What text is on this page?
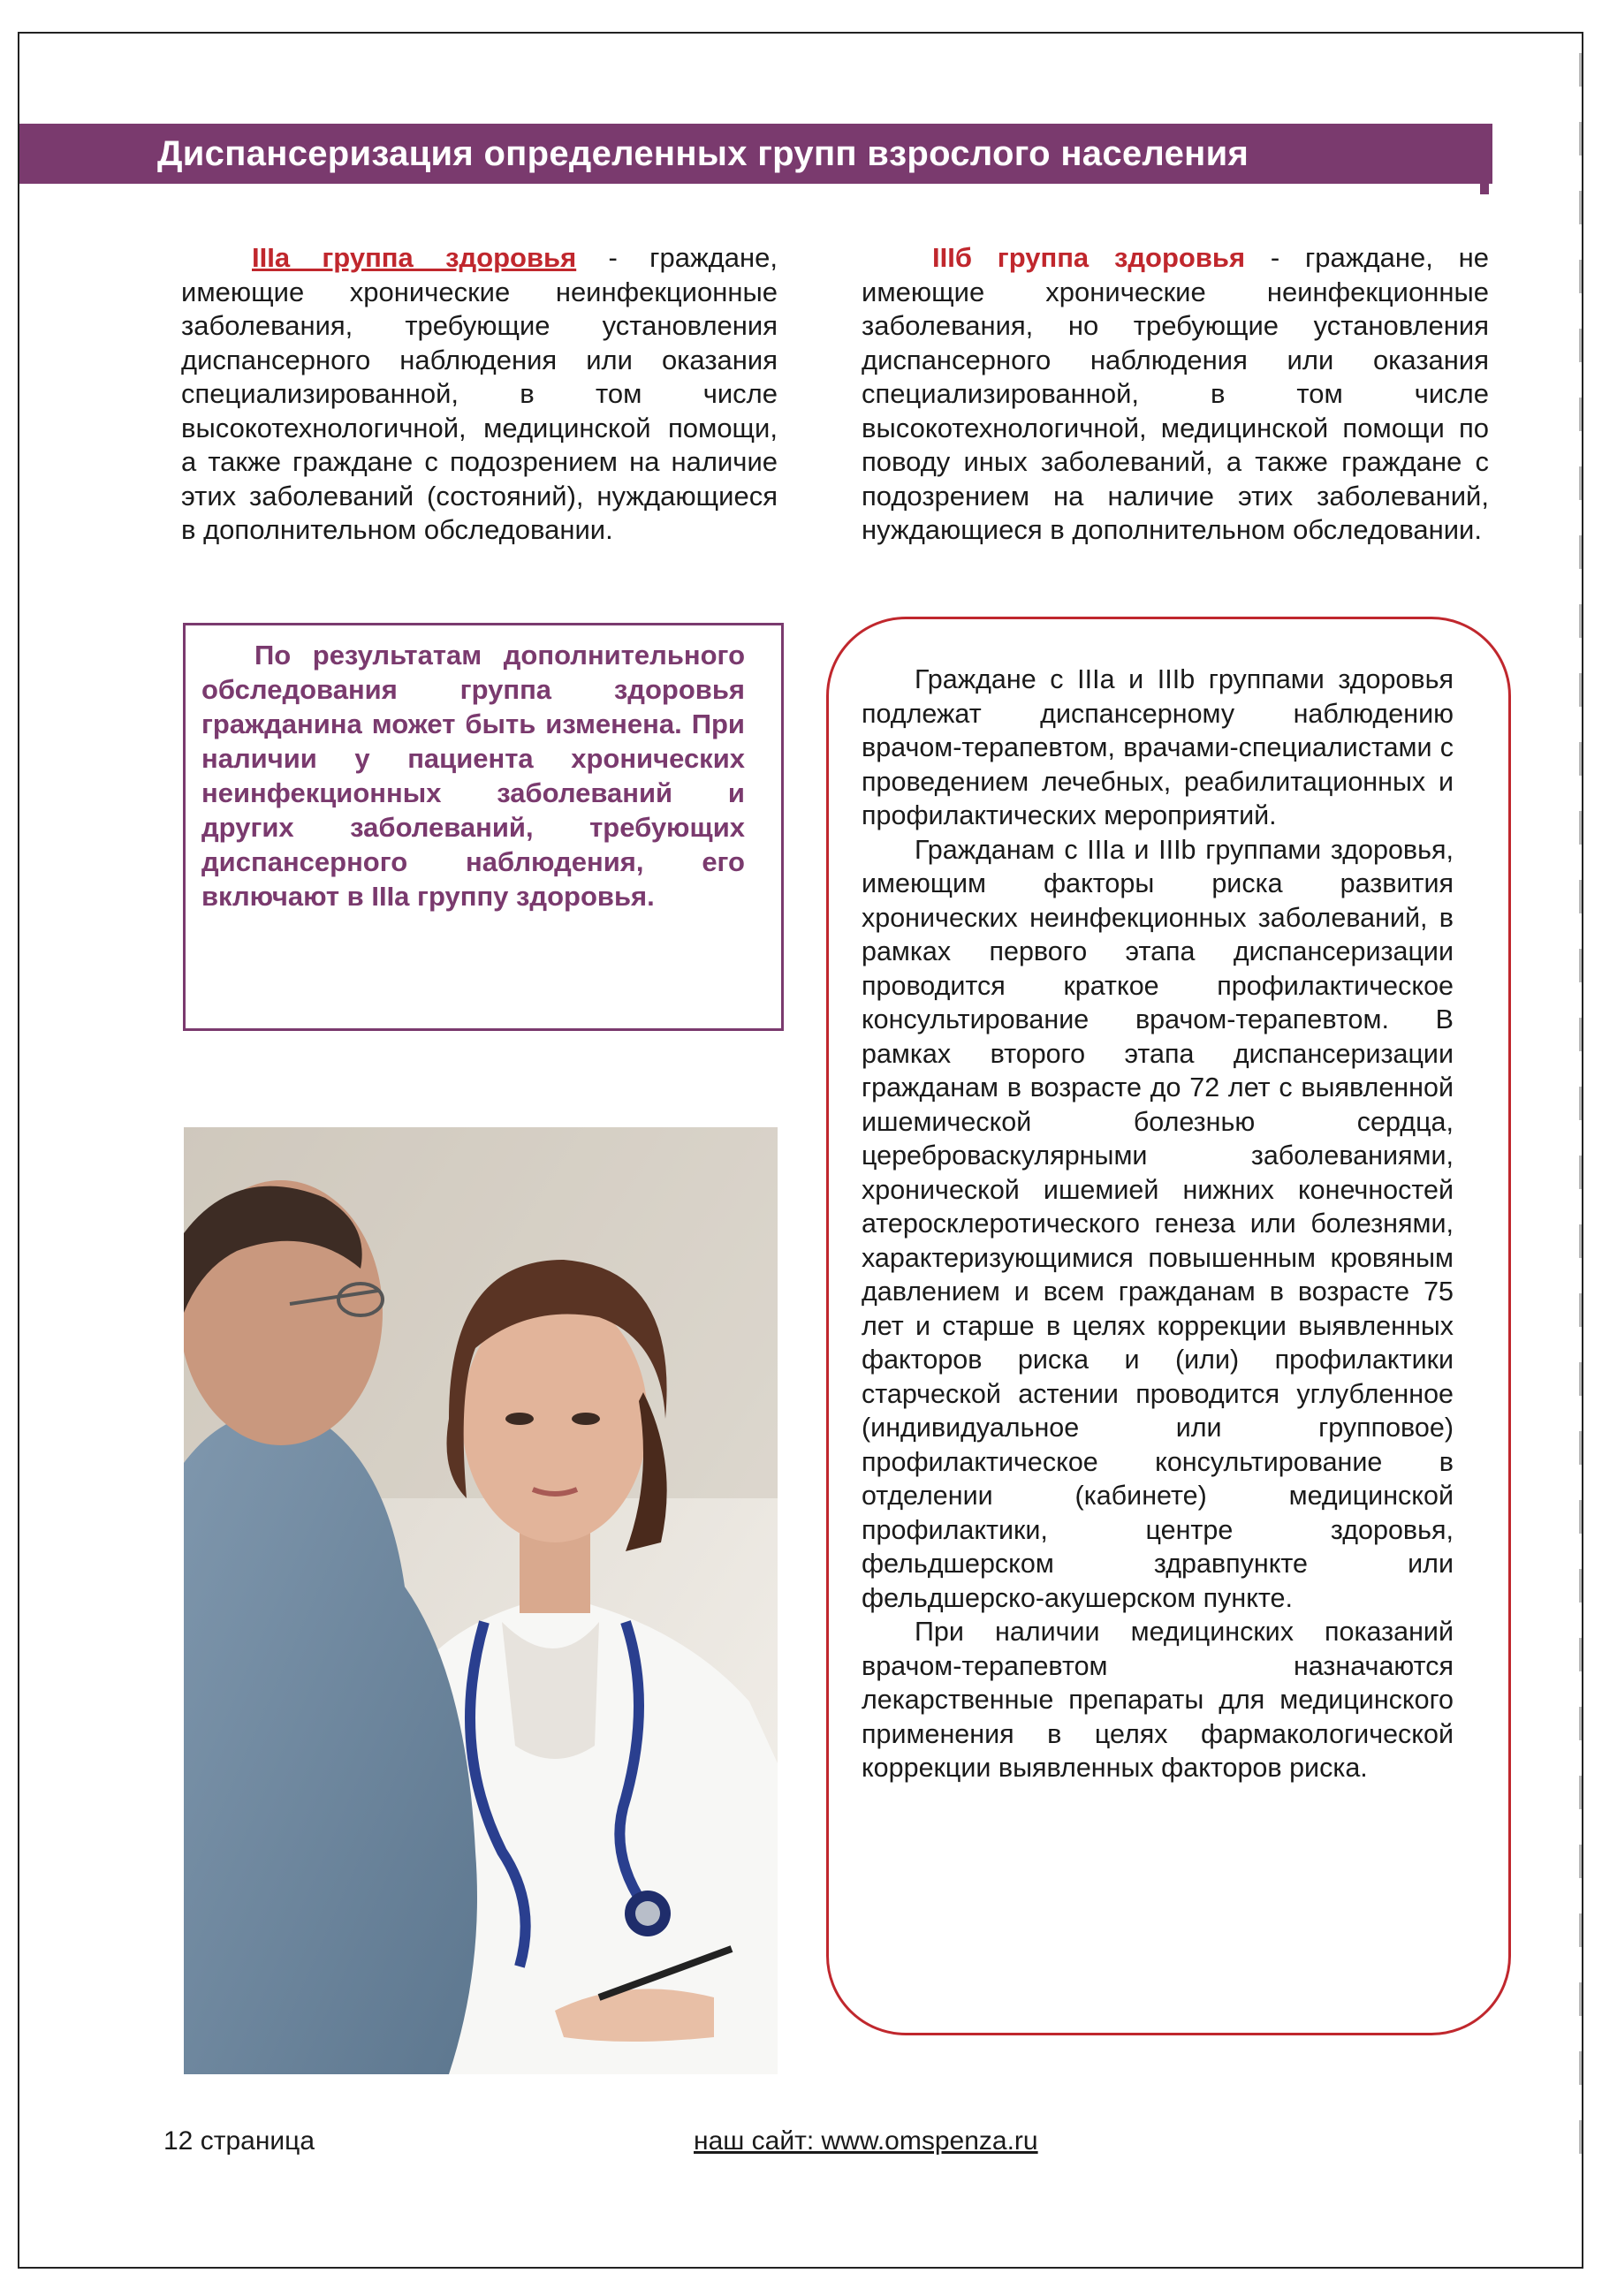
Диспансеризация определенных групп взрослого населения

IIIа группа здоровья - граждане, имеющие хронические неинфекционные заболевания, требующие установления диспансерного наблюдения или оказания специализированной, в том числе высокотехнологичной, медицинской помощи, а также граждане с подозрением на наличие этих заболеваний (состояний), нуждающиеся в дополнительном обследовании.

IIIб группа здоровья - граждане, не имеющие хронические неинфекционные заболевания, но требующие установления диспансерного наблюдения или оказания специализированной, в том числе высокотехнологичной, медицинской помощи по поводу иных заболеваний, а также граждане с подозрением на наличие этих заболеваний, нуждающиеся в дополнительном обследовании.

По результатам дополнительного обследования группа здоровья гражданина может быть изменена. При наличии у пациента хронических неинфекционных заболеваний и других заболеваний, требующих диспансерного наблюдения, его включают в IIIа группу здоровья.

Граждане с IIIa и IIIb группами здоровья подлежат диспансерному наблюдению врачом-терапевтом, врачами-специалистами с проведением лечебных, реабилитационных и профилактических мероприятий.

Гражданам с IIIa и IIIb группами здоровья, имеющим факторы риска развития хронических неинфекционных заболеваний, в рамках первого этапа диспансеризации проводится краткое профилактическое консультирование врачом-терапевтом. В рамках второго этапа диспансеризации гражданам в возрасте до 72 лет с выявленной ишемической болезнью сердца, цереброваскулярными заболеваниями, хронической ишемией нижних конечностей атеросклеротического генеза или болезнями, характеризующимися повышенным кровяным давлением и всем гражданам в возрасте 75 лет и старше в целях коррекции выявленных факторов риска и (или) профилактики старческой астении проводится углубленное (индивидуальное или групповое) профилактическое консультирование в отделении (кабинете) медицинской профилактики, центре здоровья, фельдшерском здравпункте или фельдшерско-акушерском пункте.

При наличии медицинских показаний врачом-терапевтом назначаются лекарственные препараты для медицинского применения в целях фармакологической коррекции выявленных факторов риска.

12 страница	наш сайт: www.omspenza.ru
